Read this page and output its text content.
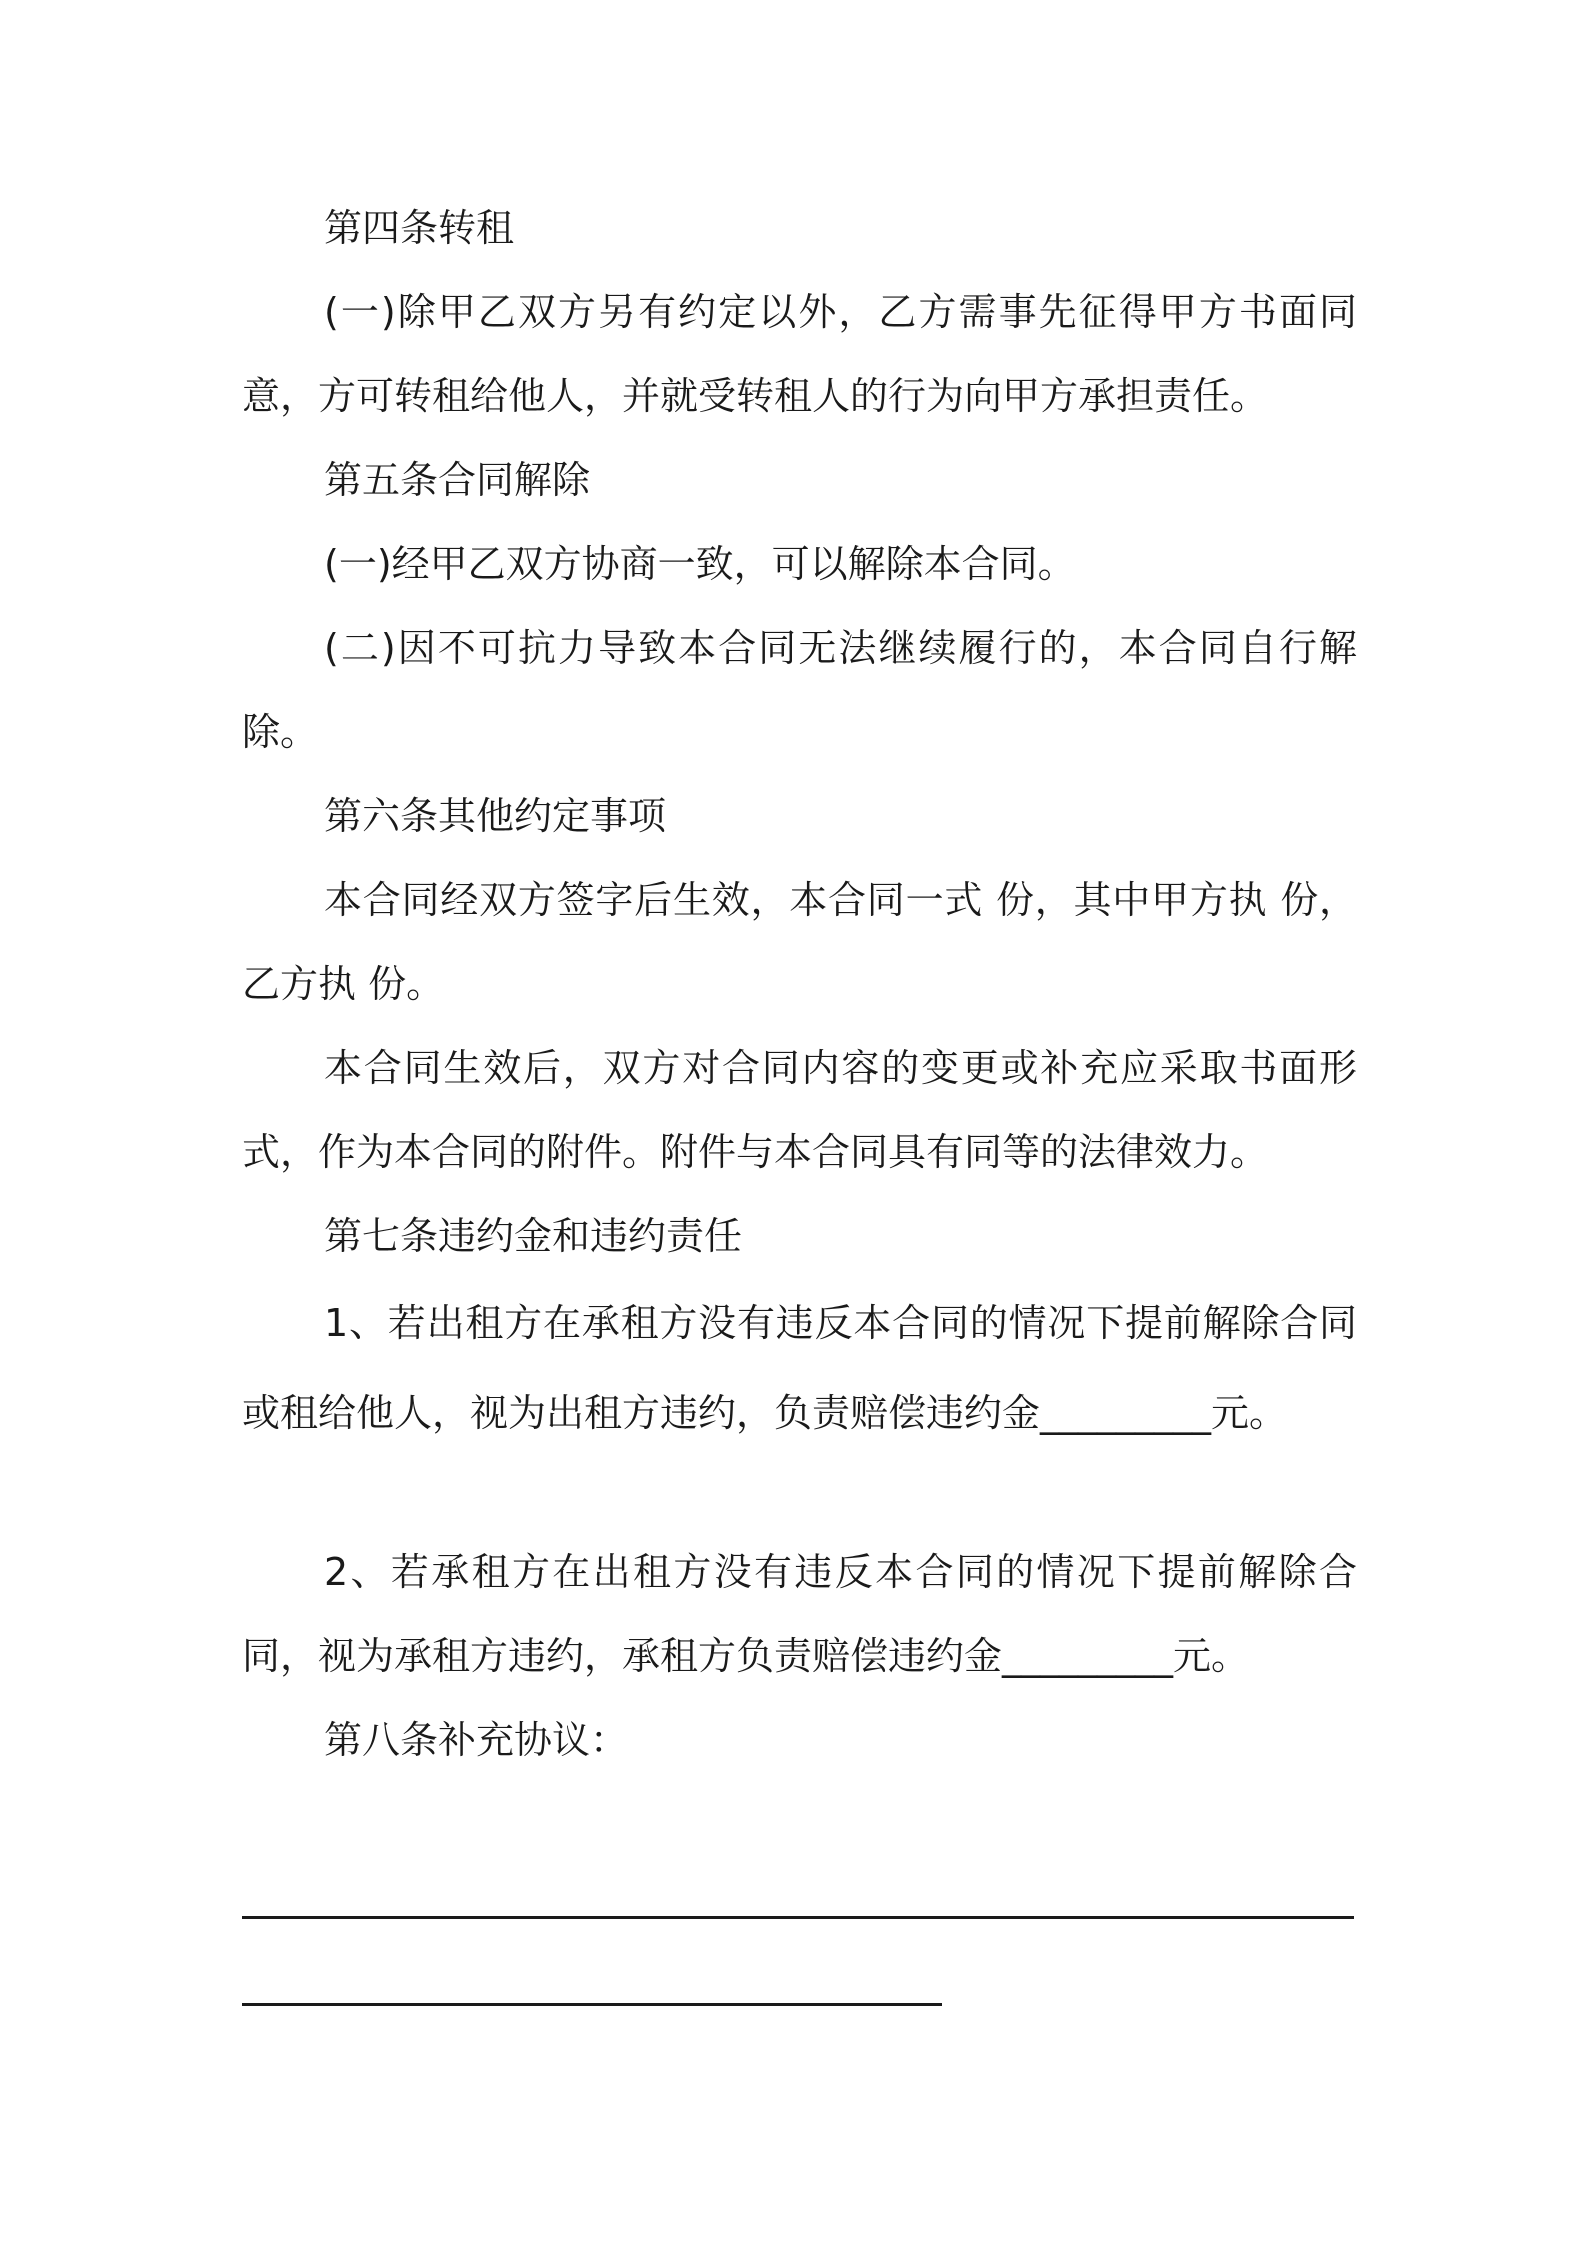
第四条转租

(一)除甲乙双方另有约定以外，乙方需事先征得甲方书面同意，方可转租给他人，并就受转租人的行为向甲方承担责任。

第五条合同解除

(一)经甲乙双方协商一致，可以解除本合同。

(二)因不可抗力导致本合同无法继续履行的，本合同自行解除。

第六条其他约定事项

本合同经双方签字后生效，本合同一式 份，其中甲方执 份，乙方执 份。

本合同生效后，双方对合同内容的变更或补充应采取书面形式，作为本合同的附件。附件与本合同具有同等的法律效力。

第七条违约金和违约责任

1、若出租方在承租方没有违反本合同的情况下提前解除合同或租给他人，视为出租方违约，负责赔偿违约金_________元。

2、若承租方在出租方没有违反本合同的情况下提前解除合同，视为承租方违约，承租方负责赔偿违约金_________元。

第八条补充协议：
